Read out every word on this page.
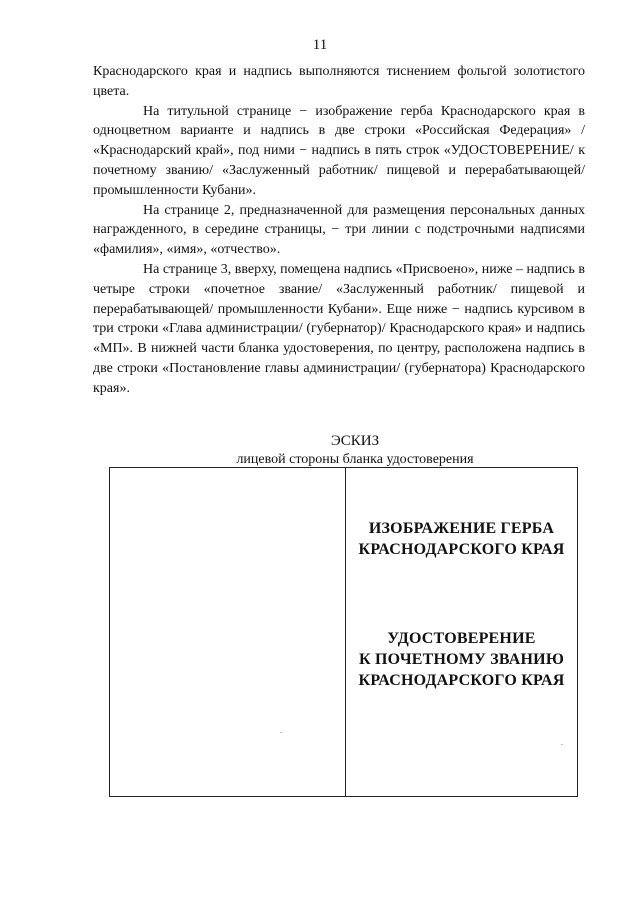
11

Краснодарского края и надпись выполняются тиснением фольгой золотистого цвета.

На титульной странице − изображение герба Краснодарского края в одноцветном варианте и надпись в две строки «Российская Федерация» / «Краснодарский край», под ними − надпись в пять строк «УДОСТОВЕРЕНИЕ/ к почетному званию/ «Заслуженный работник/ пищевой и перерабатывающей/ промышленности Кубани».

На странице 2, предназначенной для размещения персональных данных награжденного, в середине страницы, − три линии с подстрочными надписями «фамилия», «имя», «отчество».

На странице 3, вверху, помещена надпись «Присвоено», ниже – надпись в четыре строки «почетное звание/ «Заслуженный работник/ пищевой и перерабатывающей/ промышленности Кубани». Еще ниже − надпись курсивом в три строки «Глава администрации/ (губернатор)/ Краснодарского края» и надпись «МП». В нижней части бланка удостоверения, по центру, расположена надпись в две строки «Постановление главы администрации/ (губернатора) Краснодарского края».

ЭСКИЗ
лицевой стороны бланка удостоверения
ИЗОБРАЖЕНИЕ ГЕРБА
КРАСНОДАРСКОГО КРАЯ
УДОСТОВЕРЕНИЕ
К ПОЧЕТНОМУ ЗВАНИЮ
КРАСНОДАРСКОГО КРАЯ
